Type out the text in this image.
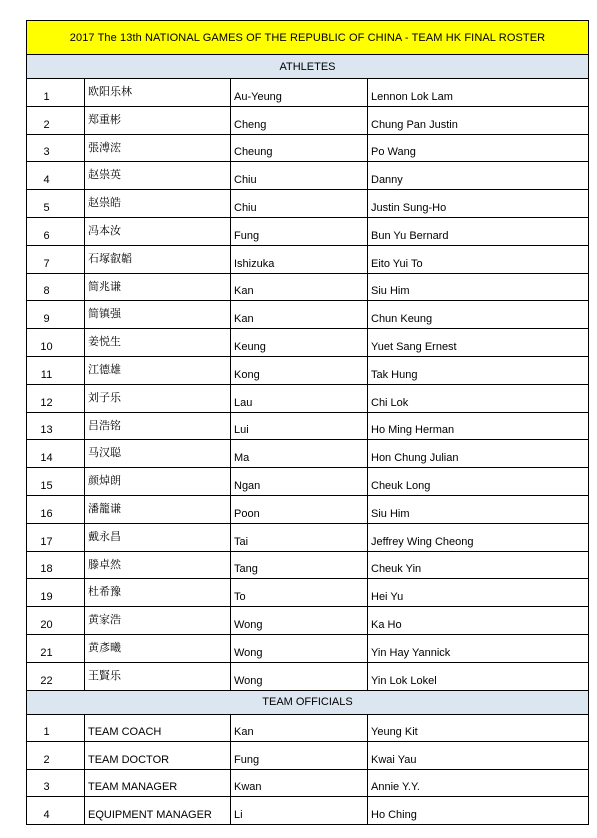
2017 The 13th NATIONAL GAMES OF THE REPUBLIC OF CHINA - TEAM HK FINAL ROSTER
ATHLETES
1	欧阳乐林	Au-Yeung	Lennon Lok Lam
2	郑重彬	Cheng	Chung Pan Justin
3	張溥浤	Cheung	Po Wang
4	赵祟英	Chiu	Danny
5	赵祟皓	Chiu	Justin Sung-Ho
6	冯本汝	Fung	Bun Yu Bernard
7	石塚叡韜	Ishizuka	Eito Yui To
8	简兆谦	Kan	Siu Him
9	简镇强	Kan	Chun Keung
10	姜悦生	Keung	Yuet Sang Ernest
11	江德雄	Kong	Tak Hung
12	刘子乐	Lau	Chi Lok
13	吕浩铭	Lui	Ho Ming Herman
14	马汉聪	Ma	Hon Chung Julian
15	颜焯朗	Ngan	Cheuk Long
16	潘籠谦	Poon	Siu Him
17	戴永昌	Tai	Jeffrey Wing Cheong
18	滕卓然	Tang	Cheuk Yin
19	杜希豫	To	Hei Yu
20	黄家浩	Wong	Ka Ho
21	黄彥曦	Wong	Yin Hay Yannick
22	王賢乐	Wong	Yin Lok Lokel
TEAM OFFICIALS
1	TEAM COACH	Kan	Yeung Kit
2	TEAM DOCTOR	Fung	Kwai Yau
3	TEAM MANAGER	Kwan	Annie Y.Y.
4	EQUIPMENT MANAGER	Li	Ho Ching
